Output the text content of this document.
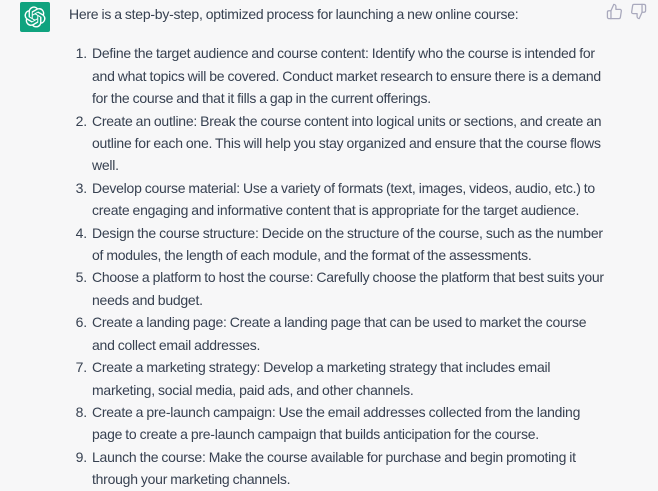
Here is a step-by-step, optimized process for launching a new online course:

1. Define the target audience and course content: Identify who the course is intended for and what topics will be covered. Conduct market research to ensure there is a demand for the course and that it fills a gap in the current offerings.
2. Create an outline: Break the course content into logical units or sections, and create an outline for each one. This will help you stay organized and ensure that the course flows well.
3. Develop course material: Use a variety of formats (text, images, videos, audio, etc.) to create engaging and informative content that is appropriate for the target audience.
4. Design the course structure: Decide on the structure of the course, such as the number of modules, the length of each module, and the format of the assessments.
5. Choose a platform to host the course: Carefully choose the platform that best suits your needs and budget.
6. Create a landing page: Create a landing page that can be used to market the course and collect email addresses.
7. Create a marketing strategy: Develop a marketing strategy that includes email marketing, social media, paid ads, and other channels.
8. Create a pre-launch campaign: Use the email addresses collected from the landing page to create a pre-launch campaign that builds anticipation for the course.
9. Launch the course: Make the course available for purchase and begin promoting it through your marketing channels.
